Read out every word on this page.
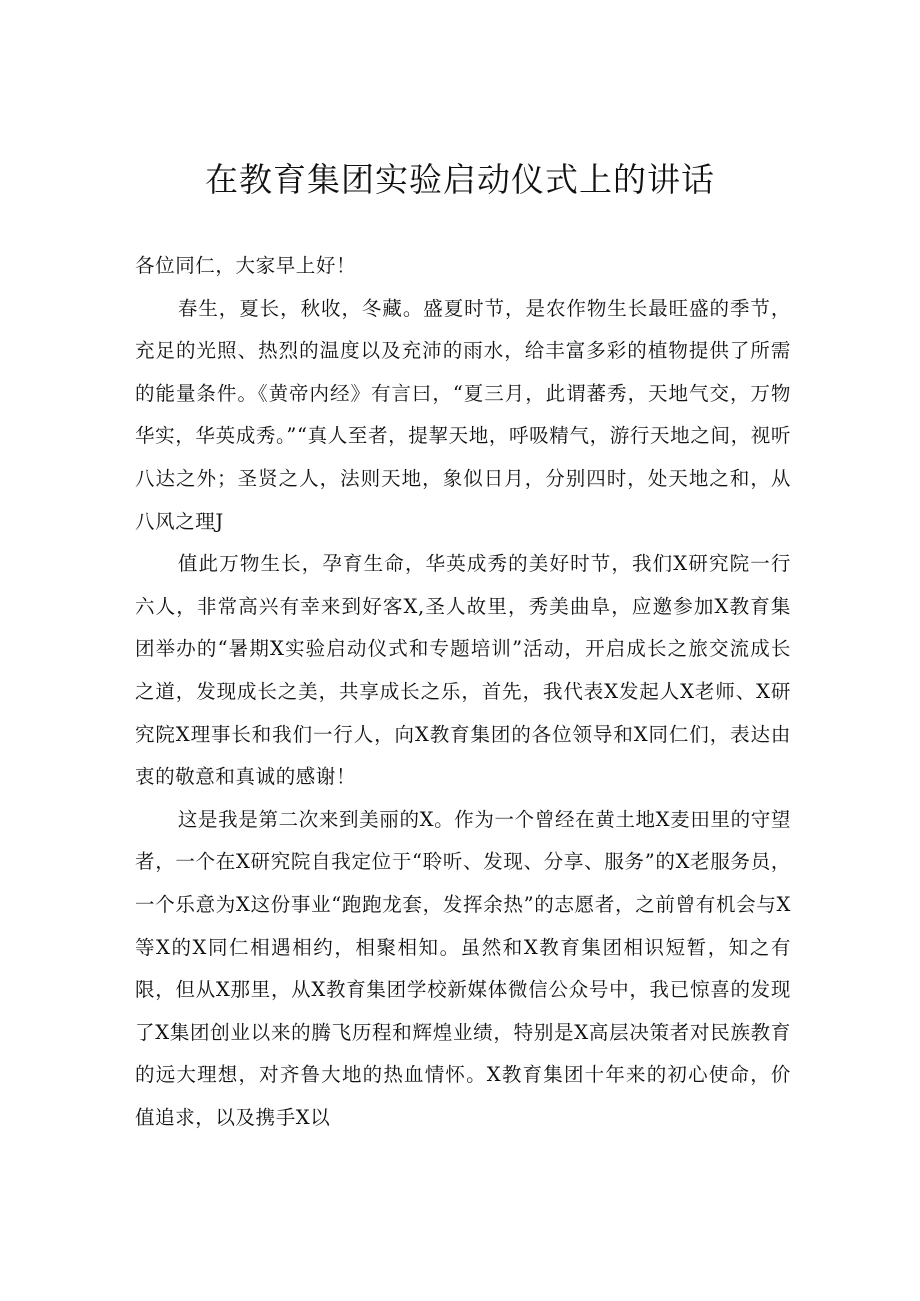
在教育集团实验启动仪式上的讲话

各位同仁，大家早上好！

春生，夏长，秋收，冬藏。盛夏时节，是农作物生长最旺盛的季节，充足的光照、热烈的温度以及充沛的雨水，给丰富多彩的植物提供了所需的能量条件。《黄帝内经》有言曰，“夏三月，此谓蕃秀，天地气交，万物华实，华英成秀。”“真人至者，提挈天地，呼吸精气，游行天地之间，视听八达之外；圣贤之人，法则天地，象似日月，分别四时，处天地之和，从八风之理J

值此万物生长，孕育生命，华英成秀的美好时节，我们X研究院一行六人，非常高兴有幸来到好客X,圣人故里，秀美曲阜，应邀参加X教育集团举办的“暑期X实验启动仪式和专题培训”活动，开启成长之旅交流成长之道，发现成长之美，共享成长之乐，首先，我代表X发起人X老师、X研究院X理事长和我们一行人，向X教育集团的各位领导和X同仁们，表达由衷的敬意和真诚的感谢！

这是我是第二次来到美丽的X。作为一个曾经在黄土地X麦田里的守望者，一个在X研究院自我定位于“聆听、发现、分享、服务”的X老服务员，一个乐意为X这份事业“跑跑龙套，发挥余热”的志愿者，之前曾有机会与X等X的X同仁相遇相约，相聚相知。虽然和X教育集团相识短暂，知之有限，但从X那里，从X教育集团学校新媒体微信公众号中，我已惊喜的发现了X集团创业以来的腾飞历程和辉煌业绩，特别是X高层决策者对民族教育的远大理想，对齐鲁大地的热血情怀。X教育集团十年来的初心使命，价值追求，以及携手X以
